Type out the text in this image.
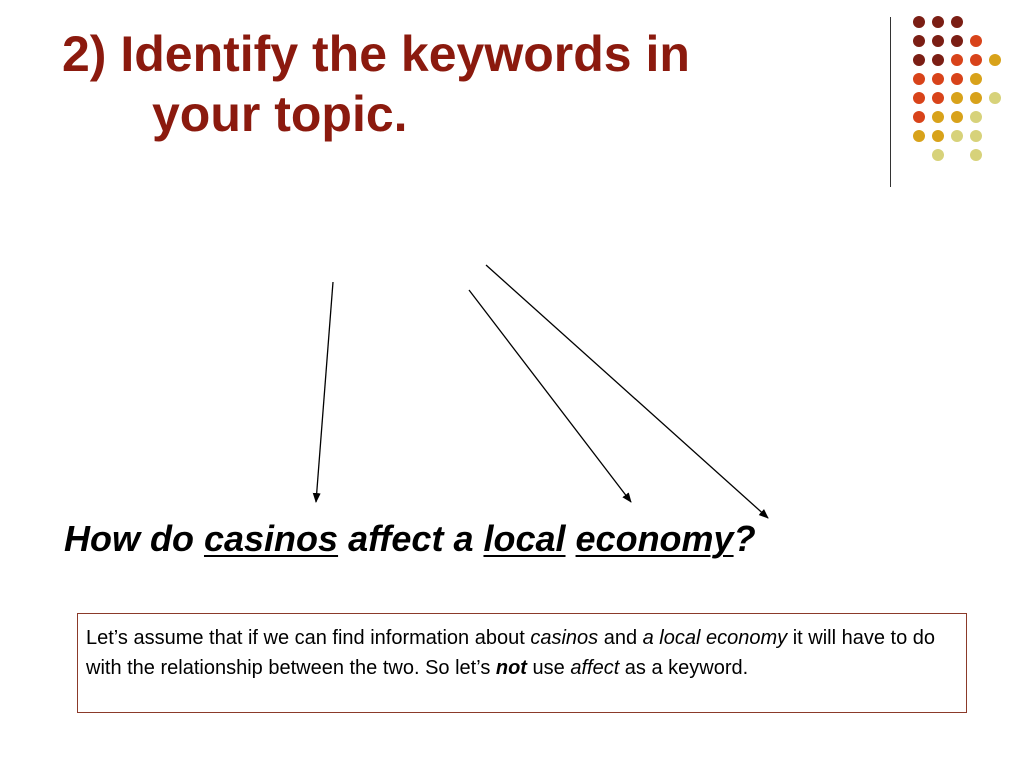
2) Identify the keywords in
your topic.

How do casinos affect a local economy?

Let’s assume that if we can find information about casinos and a local economy it will have to do with the relationship between the two. So let’s not use affect as a keyword.
